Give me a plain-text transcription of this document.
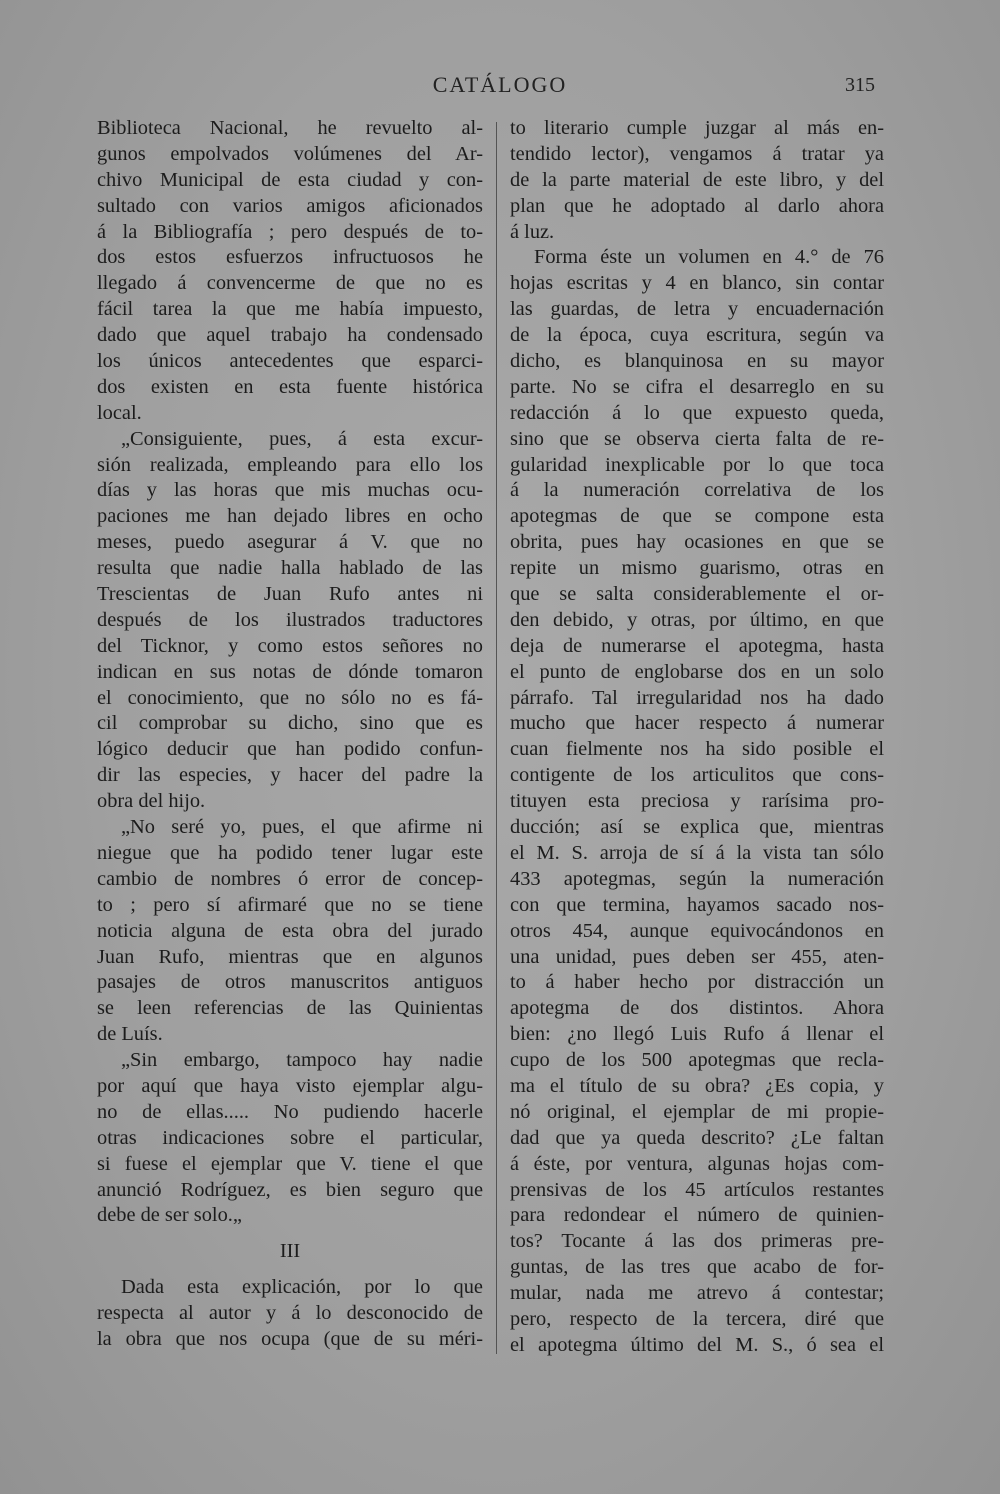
CATÁLOGO	315
Biblioteca Nacional, he revuelto al-
gunos empolvados volúmenes del Ar-
chivo Municipal de esta ciudad y con-
sultado con varios amigos aficionados
á la Bibliografía ; pero después de to-
dos estos esfuerzos infructuosos he
llegado á convencerme de que no es
fácil tarea la que me había impuesto,
dado que aquel trabajo ha condensado
los únicos antecedentes que esparci-
dos existen en esta fuente histórica
local.
„Consiguiente, pues, á esta excur-
sión realizada, empleando para ello los
días y las horas que mis muchas ocu-
paciones me han dejado libres en ocho
meses, puedo asegurar á V. que no
resulta que nadie halla hablado de las
Trescientas de Juan Rufo antes ni
después de los ilustrados traductores
del Ticknor, y como estos señores no
indican en sus notas de dónde tomaron
el conocimiento, que no sólo no es fá-
cil comprobar su dicho, sino que es
lógico deducir que han podido confun-
dir las especies, y hacer del padre la
obra del hijo.
„No seré yo, pues, el que afirme ni
niegue que ha podido tener lugar este
cambio de nombres ó error de concep-
to ; pero sí afirmaré que no se tiene
noticia alguna de esta obra del jurado
Juan Rufo, mientras que en algunos
pasajes de otros manuscritos antiguos
se leen referencias de las Quinientas
de Luís.
„Sin embargo, tampoco hay nadie
por aquí que haya visto ejemplar algu-
no de ellas..... No pudiendo hacerle
otras indicaciones sobre el particular,
si fuese el ejemplar que V. tiene el que
anunció Rodríguez, es bien seguro que
debe de ser solo.„
III
Dada esta explicación, por lo que
respecta al autor y á lo desconocido de
la obra que nos ocupa (que de su méri-
to literario cumple juzgar al más en-
tendido lector), vengamos á tratar ya
de la parte material de este libro, y del
plan que he adoptado al darlo ahora
á luz.
Forma éste un volumen en 4.° de 76
hojas escritas y 4 en blanco, sin contar
las guardas, de letra y encuadernación
de la época, cuya escritura, según va
dicho, es blanquinosa en su mayor
parte. No se cifra el desarreglo en su
redacción á lo que expuesto queda,
sino que se observa cierta falta de re-
gularidad inexplicable por lo que toca
á la numeración correlativa de los
apotegmas de que se compone esta
obrita, pues hay ocasiones en que se
repite un mismo guarismo, otras en
que se salta considerablemente el or-
den debido, y otras, por último, en que
deja de numerarse el apotegma, hasta
el punto de englobarse dos en un solo
párrafo. Tal irregularidad nos ha dado
mucho que hacer respecto á numerar
cuan fielmente nos ha sido posible el
contigente de los articulitos que cons-
tituyen esta preciosa y rarísima pro-
ducción; así se explica que, mientras
el M. S. arroja de sí á la vista tan sólo
433 apotegmas, según la numeración
con que termina, hayamos sacado nos-
otros 454, aunque equivocándonos en
una unidad, pues deben ser 455, aten-
to á haber hecho por distracción un
apotegma de dos distintos. Ahora
bien: ¿no llegó Luis Rufo á llenar el
cupo de los 500 apotegmas que recla-
ma el título de su obra? ¿Es copia, y
nó original, el ejemplar de mi propie-
dad que ya queda descrito? ¿Le faltan
á éste, por ventura, algunas hojas com-
prensivas de los 45 artículos restantes
para redondear el número de quinien-
tos? Tocante á las dos primeras pre-
guntas, de las tres que acabo de for-
mular, nada me atrevo á contestar;
pero, respecto de la tercera, diré que
el apotegma último del M. S., ó sea el
